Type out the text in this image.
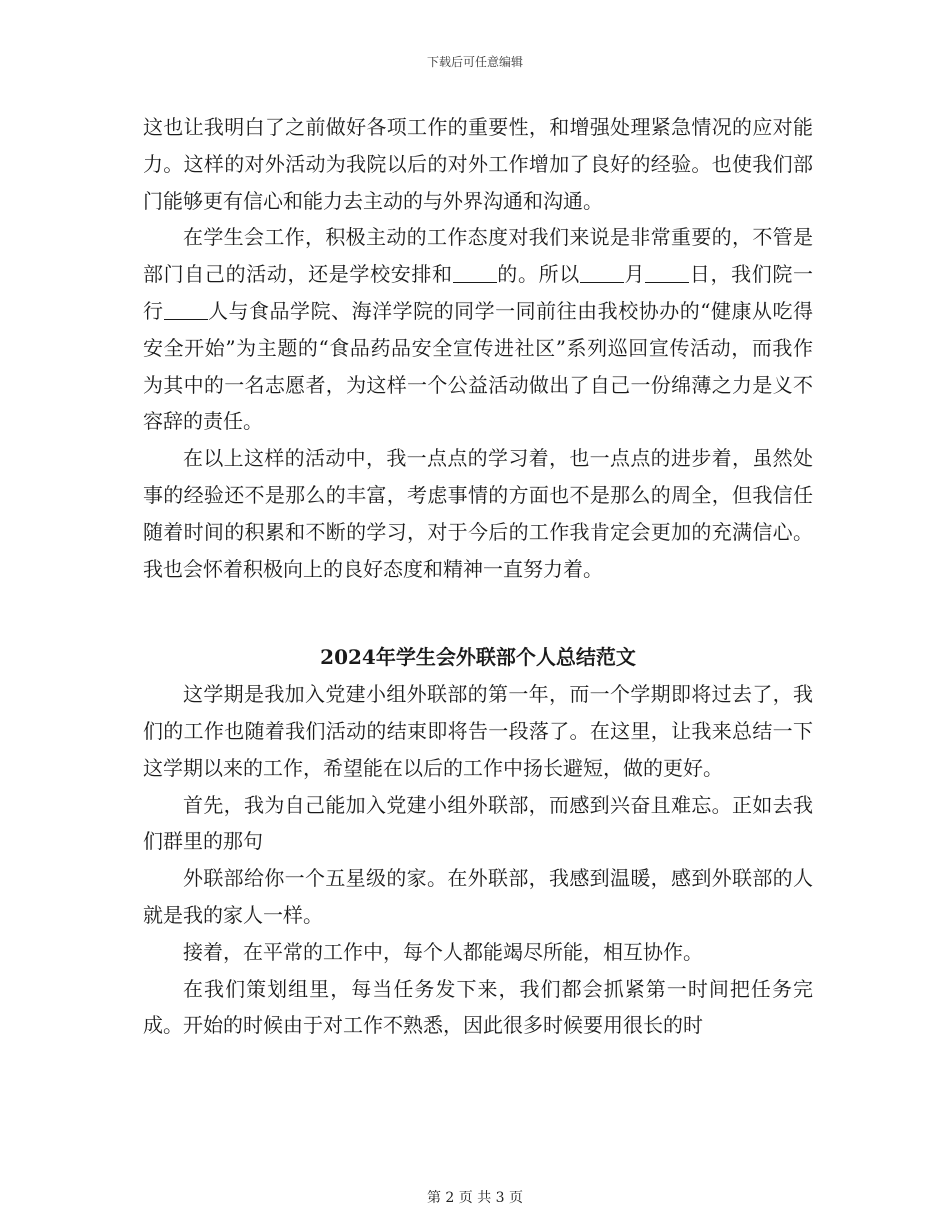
下载后可任意编辑

这也让我明白了之前做好各项工作的重要性，和增强处理紧急情况的应对能力。这样的对外活动为我院以后的对外工作增加了良好的经验。也使我们部门能够更有信心和能力去主动的与外界沟通和沟通。

在学生会工作，积极主动的工作态度对我们来说是非常重要的，不管是部门自己的活动，还是学校安排和 的。所以 月 日，我们院一行 人与食品学院、海洋学院的同学一同前往由我校协办的“健康从吃得安全开始”为主题的“食品药品安全宣传进社区”系列巡回宣传活动，而我作为其中的一名志愿者，为这样一个公益活动做出了自己一份绵薄之力是义不容辞的责任。

在以上这样的活动中，我一点点的学习着，也一点点的进步着，虽然处事的经验还不是那么的丰富，考虑事情的方面也不是那么的周全，但我信任随着时间的积累和不断的学习，对于今后的工作我肯定会更加的充满信心。我也会怀着积极向上的良好态度和精神一直努力着。

2024年学生会外联部个人总结范文

这学期是我加入党建小组外联部的第一年，而一个学期即将过去了，我们的工作也随着我们活动的结束即将告一段落了。在这里，让我来总结一下这学期以来的工作，希望能在以后的工作中扬长避短，做的更好。

首先，我为自己能加入党建小组外联部，而感到兴奋且难忘。正如去我们群里的那句

外联部给你一个五星级的家。在外联部，我感到温暖，感到外联部的人就是我的家人一样。

接着，在平常的工作中，每个人都能竭尽所能，相互协作。

在我们策划组里，每当任务发下来，我们都会抓紧第一时间把任务完成。开始的时候由于对工作不熟悉，因此很多时候要用很长的时

第 2 页 共 3 页
